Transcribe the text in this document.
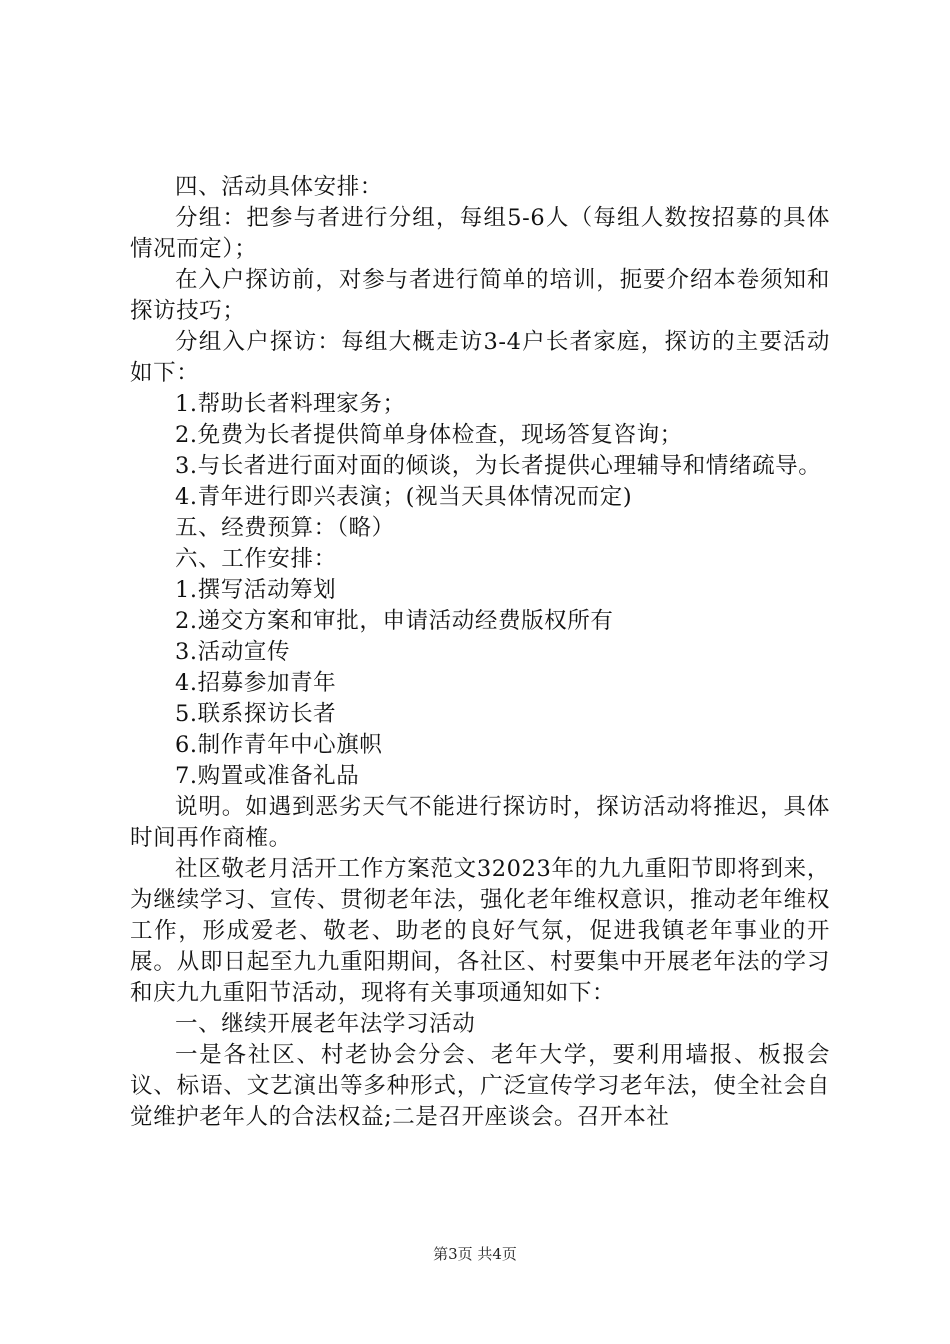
四、活动具体安排：

分组：把参与者进行分组，每组5-6人（每组人数按招募的具体情况而定）；

在入户探访前，对参与者进行简单的培训，扼要介绍本卷须知和探访技巧；

分组入户探访：每组大概走访3-4户长者家庭，探访的主要活动如下：

1.帮助长者料理家务；

2.免费为长者提供简单身体检查，现场答复咨询；

3.与长者进行面对面的倾谈，为长者提供心理辅导和情绪疏导。

4.青年进行即兴表演；(视当天具体情况而定)

五、经费预算：（略）

六、工作安排：

1.撰写活动筹划

2.递交方案和审批，申请活动经费版权所有

3.活动宣传

4.招募参加青年

5.联系探访长者

6.制作青年中心旗帜

7.购置或准备礼品

说明。如遇到恶劣天气不能进行探访时，探访活动将推迟，具体时间再作商榷。

社区敬老月活开工作方案范文32023年的九九重阳节即将到来，为继续学习、宣传、贯彻老年法，强化老年维权意识，推动老年维权工作，形成爱老、敬老、助老的良好气氛，促进我镇老年事业的开展。从即日起至九九重阳期间，各社区、村要集中开展老年法的学习和庆九九重阳节活动，现将有关事项通知如下：

一、继续开展老年法学习活动

一是各社区、村老协会分会、老年大学，要利用墙报、板报会议、标语、文艺演出等多种形式，广泛宣传学习老年法，使全社会自觉维护老年人的合法权益;二是召开座谈会。召开本社

第3页 共4页
